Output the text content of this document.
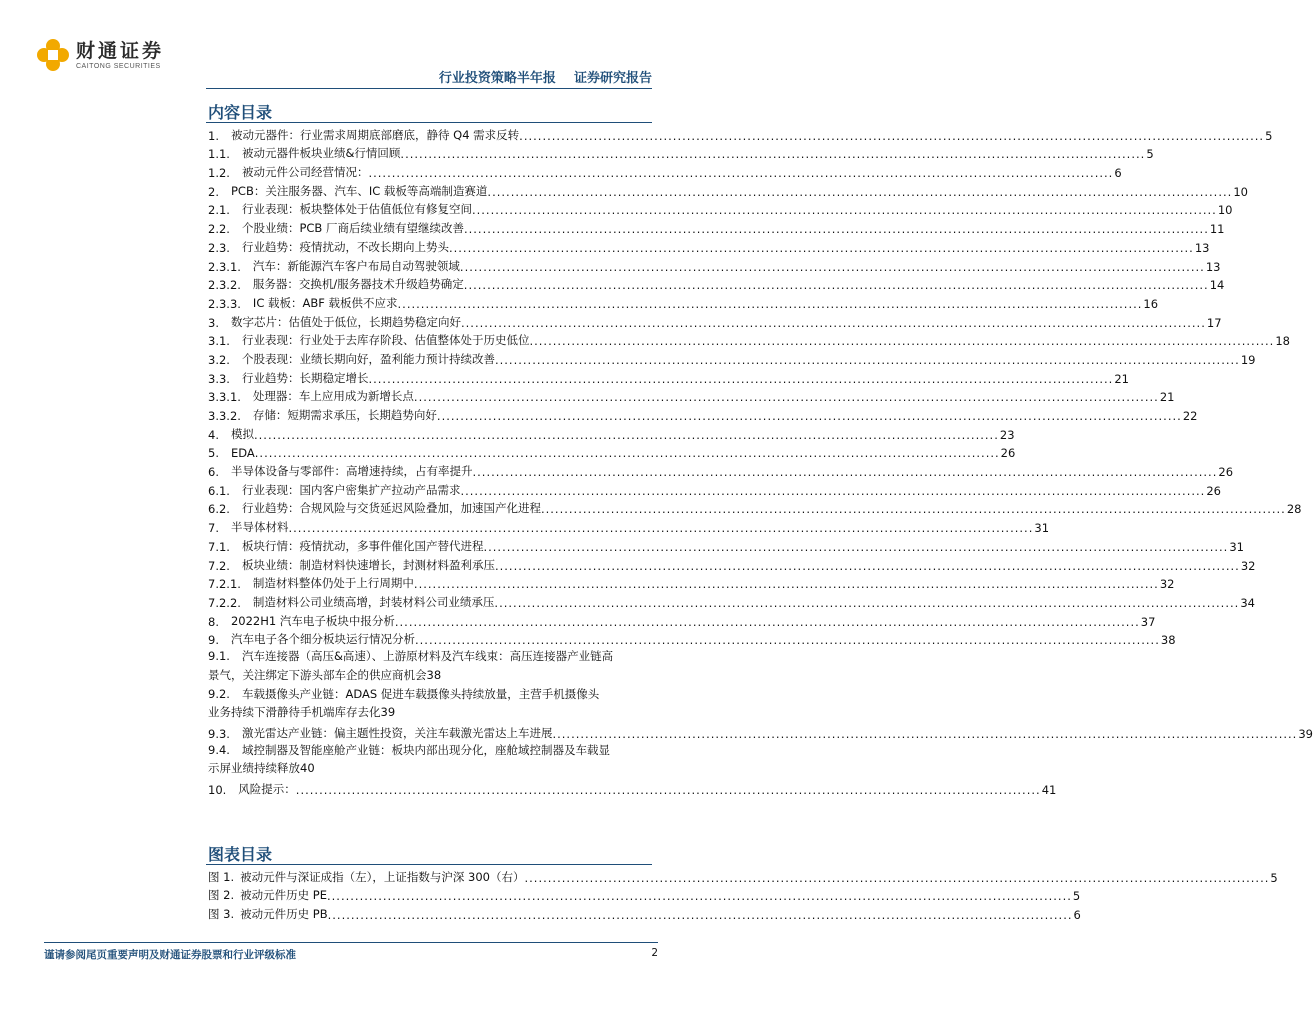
财通证券
CAITONG SECURITIES
行业投资策略半年报    证券研究报告
内容目录
1. 被动元器件：行业需求周期底部磨底，静待 Q4 需求反转 .....	5
1.1. 被动元器件板块业绩&行情回顾 .....	5
1.2. 被动元件公司经营情况： .....	6
2. PCB：关注服务器、汽车、IC 载板等高端制造赛道 .....	10
2.1. 行业表现：板块整体处于估值低位有修复空间 .....	10
2.2. 个股业绩：PCB 厂商后续业绩有望继续改善 .....	11
2.3. 行业趋势：疫情扰动，不改长期向上势头 .....	13
2.3.1. 汽车：新能源汽车客户布局自动驾驶领域 .....	13
2.3.2. 服务器：交换机/服务器技术升级趋势确定 .....	14
2.3.3. IC 载板：ABF 载板供不应求 .....	16
3. 数字芯片：估值处于低位，长期趋势稳定向好 .....	17
3.1. 行业表现：行业处于去库存阶段、估值整体处于历史低位 .....	18
3.2. 个股表现：业绩长期向好，盈利能力预计持续改善 .....	19
3.3. 行业趋势：长期稳定增长 .....	21
3.3.1. 处理器：车上应用成为新增长点 .....	21
3.3.2. 存储：短期需求承压，长期趋势向好 .....	22
4. 模拟 .....	23
5. EDA .....	26
6. 半导体设备与零部件：高增速持续，占有率提升 .....	26
6.1. 行业表现：国内客户密集扩产拉动产品需求 .....	26
6.2. 行业趋势：合规风险与交货延迟风险叠加，加速国产化进程 .....	28
7. 半导体材料 .....	31
7.1. 板块行情：疫情扰动，多事件催化国产替代进程 .....	31
7.2. 板块业绩：制造材料快速增长，封测材料盈利承压 .....	32
7.2.1. 制造材料整体仍处于上行周期中 .....	32
7.2.2. 制造材料公司业绩高增，封装材料公司业绩承压 .....	34
8. 2022H1 汽车电子板块中报分析 .....	37
9. 汽车电子各个细分板块运行情况分析 .....	38
9.1. 汽车连接器（高压&高速）、上游原材料及汽车线束：高压连接器产业链高
景气，关注绑定下游头部车企的供应商机会 38
9.2. 车载摄像头产业链：ADAS 促进车载摄像头持续放量，主营手机摄像头
业务持续下滑静待手机端库存去化 39
9.3. 激光雷达产业链：偏主题性投资，关注车载激光雷达上车进展 .....	39
9.4. 域控制器及智能座舱产业链：板块内部出现分化，座舱域控制器及车载显
示屏业绩持续释放 40
10. 风险提示： .....	41
图表目录
图 1. 被动元件与深证成指（左），上证指数与沪深 300（右） .....	5
图 2. 被动元件历史 PE .....	5
图 3. 被动元件历史 PB .....	6
谨请参阅尾页重要声明及财通证券股票和行业评级标准	2
